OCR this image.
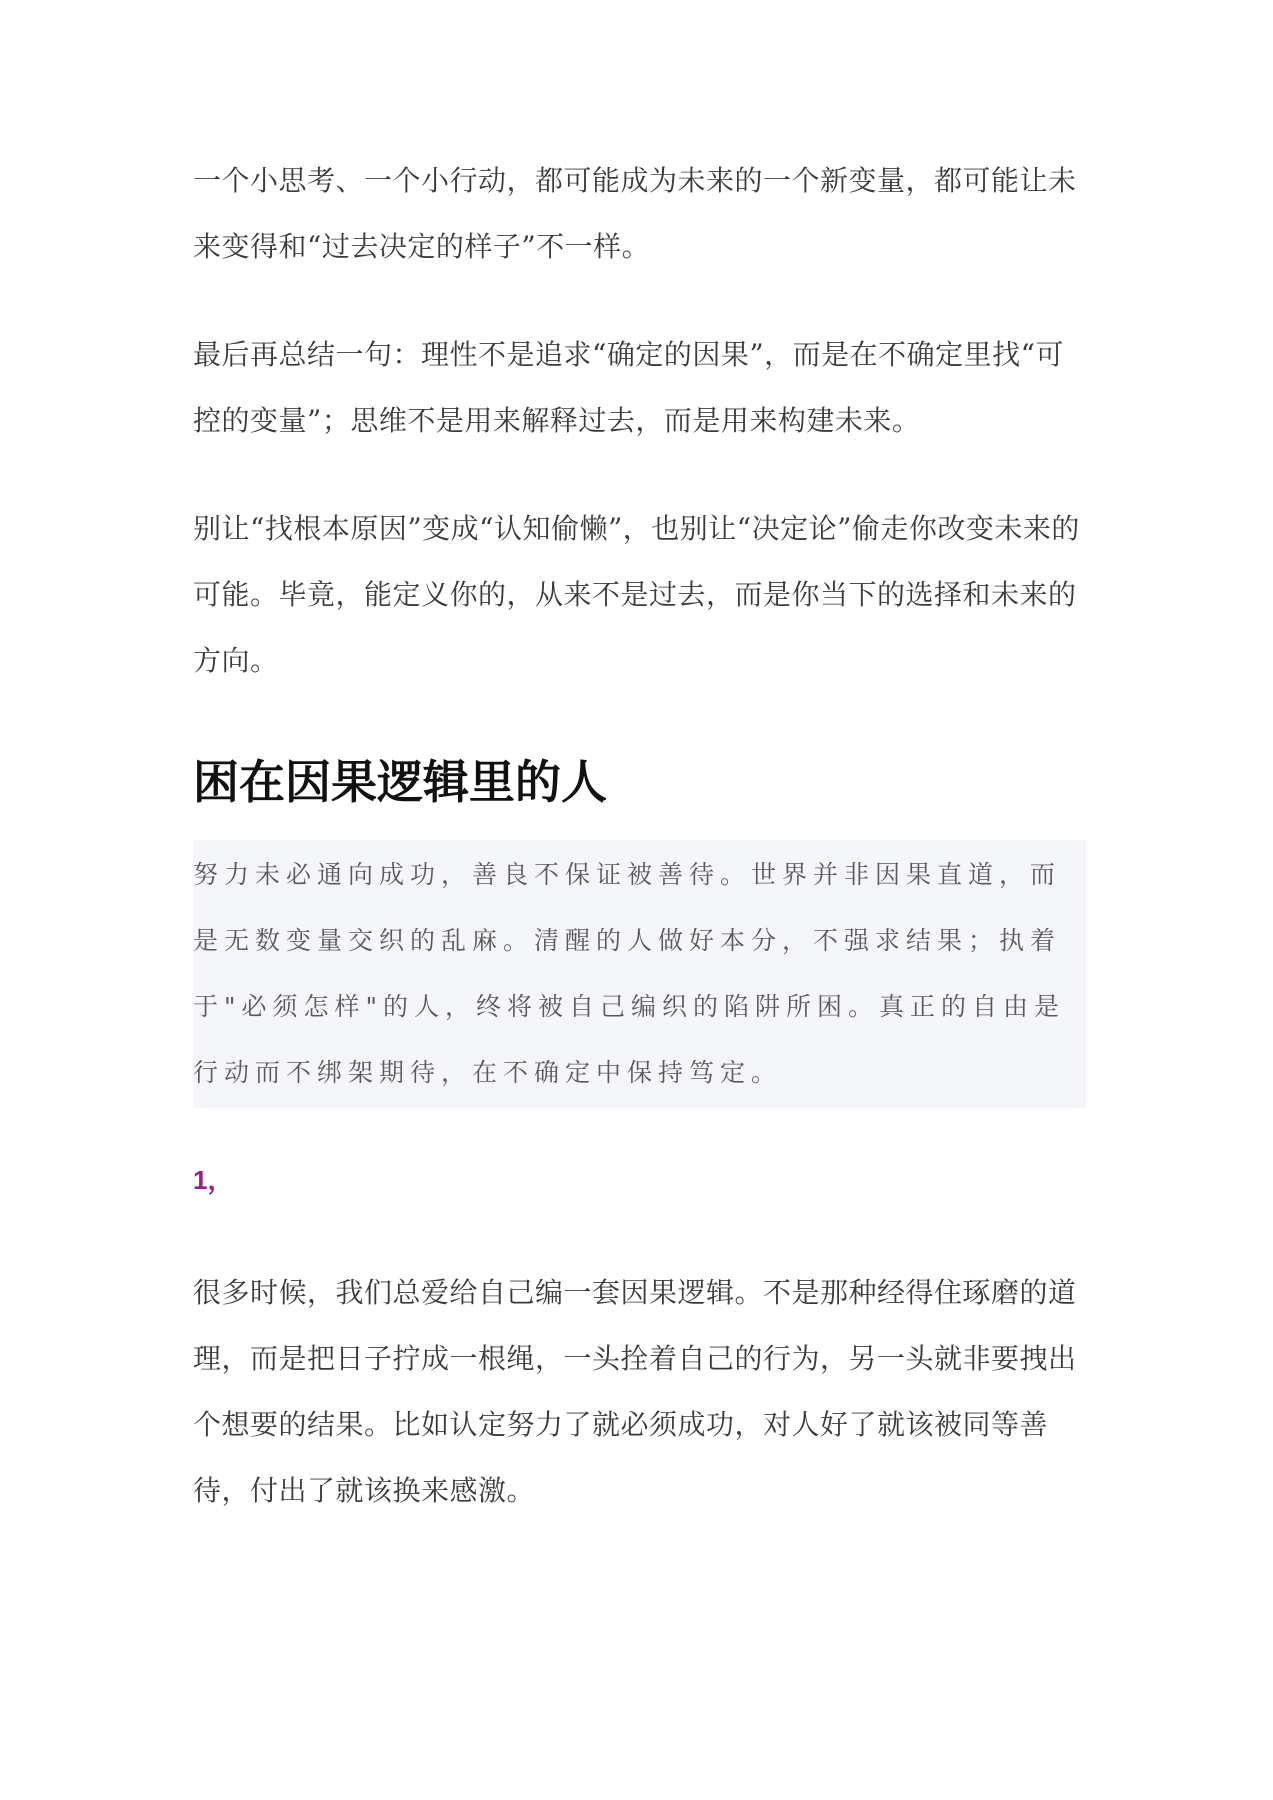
一个小思考、一个小行动，都可能成为未来的一个新变量，都可能让未来变得和“过去决定的样子”不一样。

最后再总结一句：理性不是追求“确定的因果”，而是在不确定里找“可控的变量”；思维不是用来解释过去，而是用来构建未来。

别让“找根本原因”变成“认知偷懒”，也别让“决定论”偷走你改变未来的可能。毕竟，能定义你的，从来不是过去，而是你当下的选择和未来的方向。

困在因果逻辑里的人
努力未必通向成功，善良不保证被善待。世界并非因果直道，而是无数变量交织的乱麻。清醒的人做好本分，不强求结果；执着于"必须怎样"的人，终将被自己编织的陷阱所困。真正的自由是行动而不绑架期待，在不确定中保持笃定。
1，

很多时候，我们总爱给自己编一套因果逻辑。不是那种经得住琢磨的道理，而是把日子拧成一根绳，一头拴着自己的行为，另一头就非要拽出个想要的结果。比如认定努力了就必须成功，对人好了就该被同等善待，付出了就该换来感激。
